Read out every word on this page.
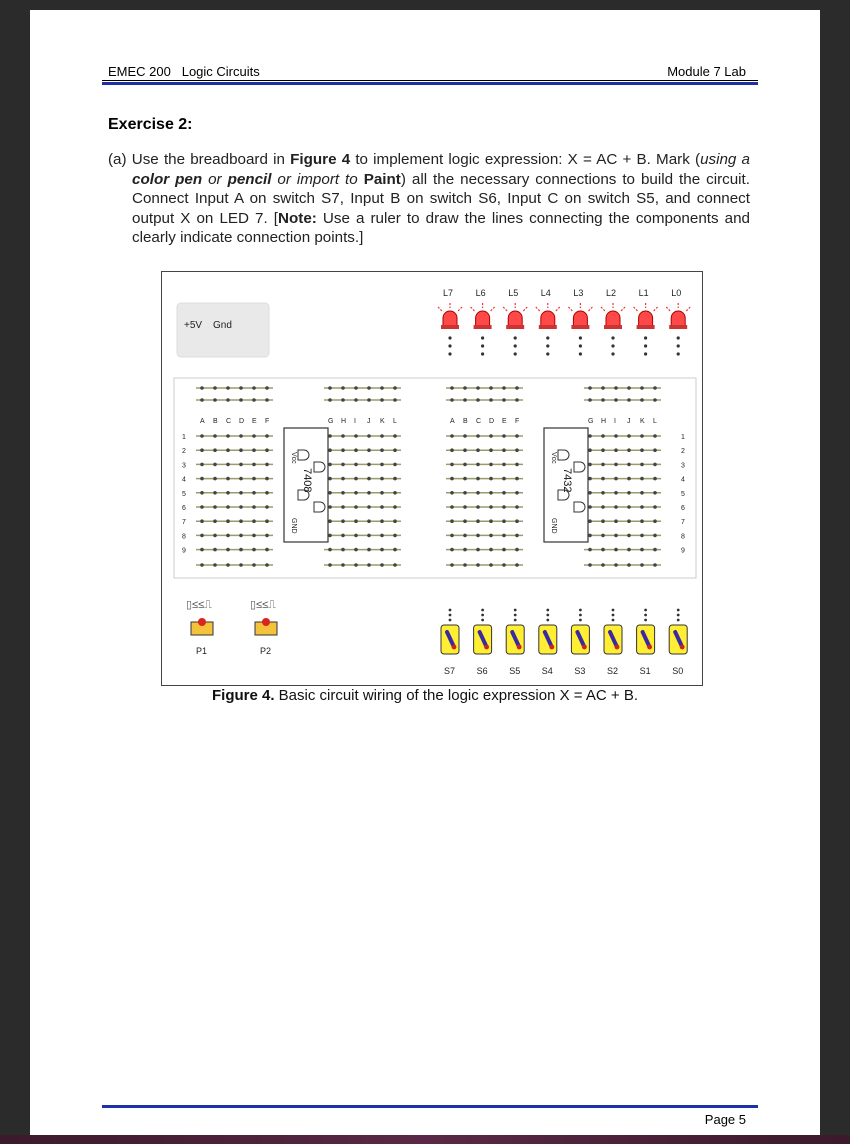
EMEC 200 Logic Circuits	Module 7 Lab
Exercise 2:
(a) Use the breadboard in Figure 4 to implement logic expression: X = AC + B. Mark (using a color pen or pencil or import to Paint) all the necessary connections to build the circuit. Connect Input A on switch S7, Input B on switch S6, Input C on switch S5, and connect output X on LED 7. [Note: Use a ruler to draw the lines connecting the components and clearly indicate connection points.]
+5V Gnd
L7	L6	L5	L4	L3	L2	L1	L0
A	A
B	B
C	C
D	D
E	E
F	F
G	G
H	H
I	I
J	J
K	K
L	L
1	1
2	2
3	3
4	4
5	5
6	6
7	7
8	8
9	9
Vcc
GND
7408
Vcc
GND
7432
▯≤≤⎍
P1
▯≤≤⎍
P2
S7 S6 S5 S4 S3 S2 S1 S0
Figure 4. Basic circuit wiring of the logic expression X = AC + B.
Page 5
